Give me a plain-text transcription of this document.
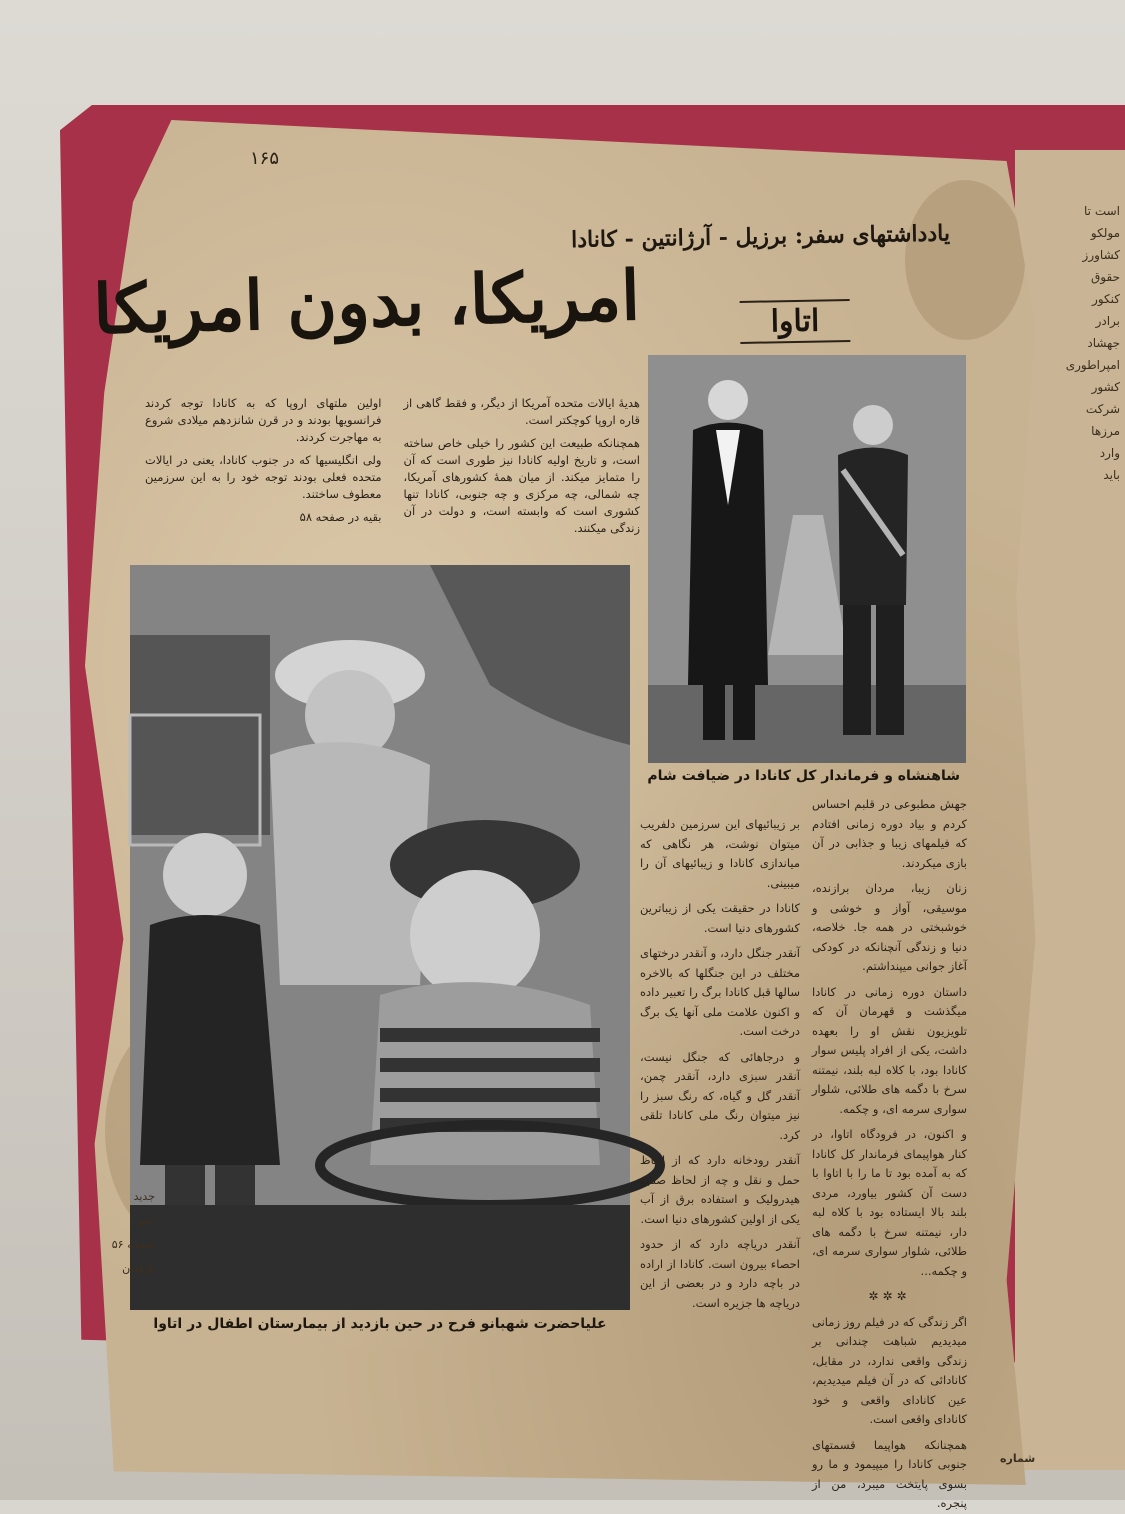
است تا
مولکو
کشاورز
حقوق
کنکور
برادر
جهشاد
امپراطوری
کشور
شرکت
مرزها
وارد
باید
۱۶۵
یادداشتهای سفر: برزیل - آرژانتین - کانادا
امریکا، بدون امریکا	اتاوا

هدیهٔ ایالات متحده آمریکا از دیگر، و فقط گاهی از قاره اروپا کوچکتر است.

همچنانکه طبیعت این کشور را خیلی خاص ساخته است، و تاریخ اولیه کانادا نیز طوری است که آن را متمایز میکند. از میان همهٔ کشورهای آمریکا، چه شمالی، چه مرکزی و چه جنوبی، کانادا تنها کشوری است که وابسته است، و دولت در آن زندگی میکنند.

اولین ملتهای اروپا که به کانادا توجه کردند فرانسویها بودند و در قرن شانزدهم میلادی شروع به مهاجرت کردند.

ولی انگلیسیها که در جنوب کانادا، یعنی در ایالات متحده فعلی بودند توجه خود را به این سرزمین معطوف ساختند.

بقیه در صفحه ۵۸

شاهنشاه و فرماندار کل کانادا در ضیافت شام
علیاحضرت شهبانو فرح در حین بازدید از بیمارستان اطفال در اتاوا

بر زیبائیهای این سرزمین دلفریب میتوان نوشت، هر نگاهی که میاندازی کانادا و زیبائیهای آن را میبینی.

کانادا در حقیقت یکی از زیباترین کشورهای دنیا است.

آنقدر جنگل دارد، و آنقدر درختهای مختلف در این جنگلها که بالاخره سالها قبل کانادا برگ را تعبیر داده و اکنون علامت ملی آنها یک برگ درخت است.

و درجاهائی که جنگل نیست، آنقدر سبزی دارد، آنقدر چمن، آنقدر گل و گیاه، که رنگ سبز را نیز میتوان رنگ ملی کانادا تلقی کرد.

آنقدر رودخانه دارد که از لحاظ حمل و نقل و چه از لحاظ صنایع هیدرولیک و استفاده برق از آب یکی از اولین کشورهای دنیا است.

آنقدر دریاچه دارد که از حدود احصاء بیرون است. کانادا از اراده در باچه دارد و در بعضی از این دریاچه ها جزیره است.

جهش مطبوعی در قلبم احساس کردم و بیاد دوره زمانی افتادم که فیلمهای زیبا و جذابی در آن بازی میکردند.

زنان زیبا، مردان برازنده، موسیقی، آواز و خوشی و خوشبختی در همه جا. خلاصه، دنیا و زندگی آنچنانکه در کودکی آغاز جوانی میپنداشتم.

داستان دوره زمانی در کانادا میگذشت و قهرمان آن که تلویزیون نقش او را بعهده داشت، یکی از افراد پلیس سوار کانادا بود، با کلاه لبه بلند، نیمتنه سرخ با دگمه های طلائی، شلوار سواری سرمه ای، و چکمه.

و اکنون، در فرودگاه اتاوا، در کنار هواپیمای فرماندار کل کانادا که به آمده بود تا ما را با اتاوا با دست آن کشور بیاورد، مردی بلند بالا ایستاده بود با کلاه لبه دار، نیمتنه سرخ با دگمه های طلائی، شلوار سواری سرمه ای، و چکمه...

✲✲✲

اگر زندگی که در فیلم روز زمانی میدیدیم شباهت چندانی بر زندگی واقعی ندارد، در مقابل، کانادائی که در آن فیلم میدیدیم، عین کانادای واقعی و خود کانادای واقعی است.

همچنانکه هواپیما قسمتهای جنوبی کانادا را میپیمود و ما رو بسوی پایتخت میبرد، من از پنجره.

جدید
جلو
صفحه ۵۶
پارلمان
شماره
